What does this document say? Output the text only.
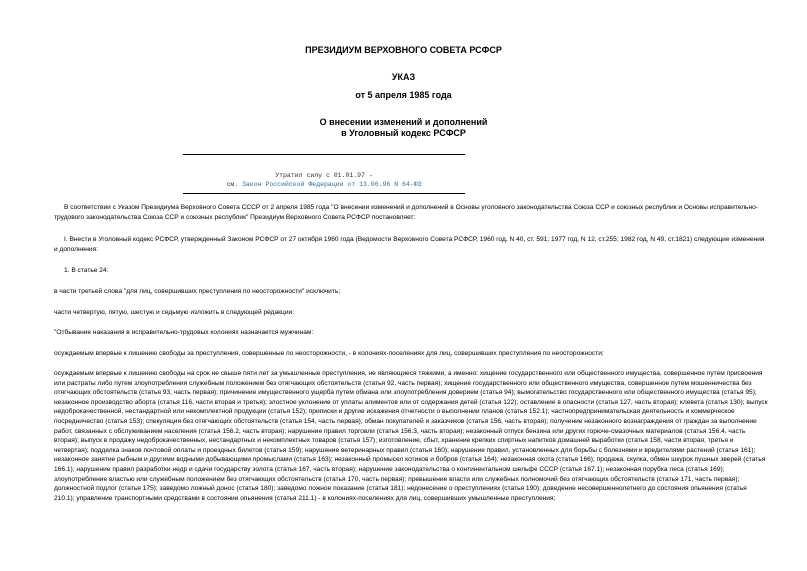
ПРЕЗИДИУМ ВЕРХОВНОГО СОВЕТА РСФСР
УКАЗ
от 5 апреля 1985 года
О внесении изменений и дополнений
в Уголовный кодекс РСФСР
Утратил силу с 01.01.97 -
см. Закон Российской Федерации от 13.06.96 N 64-ФЗ

В соответствии с Указом Президиума Верховного Совета СССР от 2 апреля 1985 года "О внесении изменений и дополнений в Основы уголовного законодательства Союза ССР и союзных республик и Основы исправительно-трудового законодательства Союза ССР и союзных республик" Президиум Верховного Совета РСФСР постановляет:

I. Внести в Уголовный кодекс РСФСР, утвержденный Законом РСФСР от 27 октября 1960 года (Ведомости Верховного Совета РСФСР, 1960 год, N 40, ст. 591; 1977 год, N 12, ст.255; 1982 год, N 49, ст.1821) следующие изменения и дополнения:

1. В статье 24:

в части третьей слова "для лиц, совершивших преступления по неосторожности" исключить;

части четвертую, пятую, шестую и седьмую изложить в следующей редакции:

"Отбывание наказания в исправительно-трудовых колониях назначается мужчинам:

осуждаемым впервые к лишению свободы за преступления, совершенные по неосторожности, - в колониях-поселениях для лиц, совершивших преступления по неосторожности;

осуждаемым впервые к лишению свободы на срок не свыше пяти лет за умышленные преступления, не являющиеся тяжкими, а именно: хищение государственного или общественного имущества, совершенное путем присвоения или растраты либо путем злоупотребления служебным положением без отягчающих обстоятельств (статья 92, часть первая); хищение государственного или общественного имущества, совершенное путем мошенничества без отягчающих обстоятельств (статья 93, часть первая); причинение имущественного ущерба путем обмана или злоупотребления доверием (статья 94); вымогательство государственного или общественного имущества (статья 95); незаконное производство аборта (статья 116, части вторая и третья); злостное уклонение от уплаты алиментов или от содержания детей (статья 122); оставление в опасности (статья 127, часть вторая); клевета (статья 130); выпуск недоброкачественной, нестандартной или некомплектной продукции (статья 152); приписки и другие искажения отчетности о выполнении планов (статья 152.1); частнопредпринимательская деятельность и коммерческое посредничество (статья 153); спекуляция без отягчающих обстоятельств (статья 154, часть первая); обман покупателей и заказчиков (статья 156, часть вторая); получение незаконного вознаграждения от граждан за выполнение работ, связанных с обслуживанием населения (статья 156.2, часть вторая); нарушение правил торговли (статья 156.3, часть вторая); незаконный отпуск бензина или других горюче-смазочных материалов (статья 156.4, часть вторая); выпуск в продажу недоброкачественных, нестандартных и некомплектных товаров (статья 157); изготовление, сбыт, хранение крепких спиртных напитков домашней выработки (статья 158, части вторая, третья и четвертая); подделка знаков почтовой оплаты и проездных билетов (статья 159); нарушение ветеринарных правил (статья 160); нарушение правил, установленных для борьбы с болезнями и вредителями растений (статья 161); незаконное занятие рыбным и другими водными добывающими промыслами (статья 163); незаконный промысел котиков и бобров (статья 164); незаконная охота (статья 166); продажа, скупка, обмен шкурок пушных зверей (статья 166.1); нарушение правил разработки недр и сдачи государству золота (статья 167, часть вторая); нарушение законодательства о континентальном шельфе СССР (статья 167.1); незаконная порубка леса (статья 169); злоупотребление властью или служебным положением без отягчающих обстоятельств (статья 170, часть первая); превышение власти или служебных полномочий без отягчающих обстоятельств (статья 171, часть первая); должностной подлог (статья 175); заведомо ложный донос (статья 180); заведомо ложное показание (статья 181); недонесение о преступлениях (статья 190); доведение несовершеннолетнего до состояния опьянения (статья 210.1); управление транспортными средствами в состоянии опьянения (статья 211.1) - в колониях-поселениях для лиц, совершивших умышленные преступления;
